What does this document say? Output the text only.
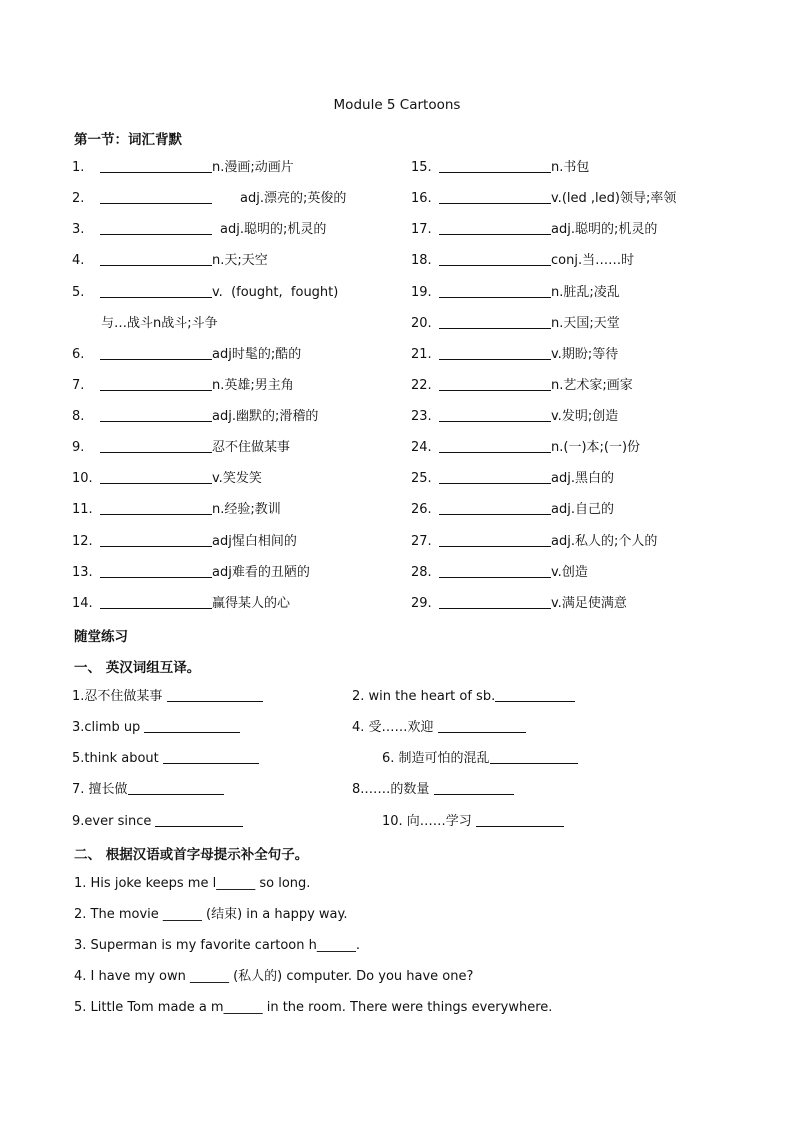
Module 5 Cartoons
第一节：词汇背默
1.	n.漫画;动画片
2.	adj.漂亮的;英俊的
3.	adj.聪明的;机灵的
4.	n.天;天空
5.	v.  (fought,  fought)
与…战斗n战斗;斗争
6.	adj时髦的;酷的
7.	n.英雄;男主角
8.	adj.幽默的;滑稽的
9.	忍不住做某事
10.	v.笑发笑
11.	n.经验;教训
12.	adj惺白相间的
13.	adj难看的丑陋的
14.	赢得某人的心
15.	n.书包
16.	v.(led ,led)领导;率领
17.	adj.聪明的;机灵的
18.	conj.当……时
19.	n.脏乱;凌乱
20.	n.天国;天堂
21.	v.期盼;等待
22.	n.艺术家;画家
23.	v.发明;创造
24.	n.(一)本;(一)份
25.	adj.黑白的
26.	adj.自己的
27.	adj.私人的;个人的
28.	v.创造
29.	v.满足使满意
随堂练习
一、 英汉词组互译。
1.忍不住做某事	2. win the heart of sb.
3.climb up	4. 受……欢迎
5.think about	6. 制造可怕的混乱
7. 擅长做	8.……的数量
9.ever since	10. 向……学习
二、 根据汉语或首字母提示补全句子。
1. His joke keeps me l______ so long.
2. The movie ______ (结束) in a happy way.
3. Superman is my favorite cartoon h______.
4. I have my own ______ (私人的) computer. Do you have one?
5. Little Tom made a m______ in the room. There were things everywhere.
